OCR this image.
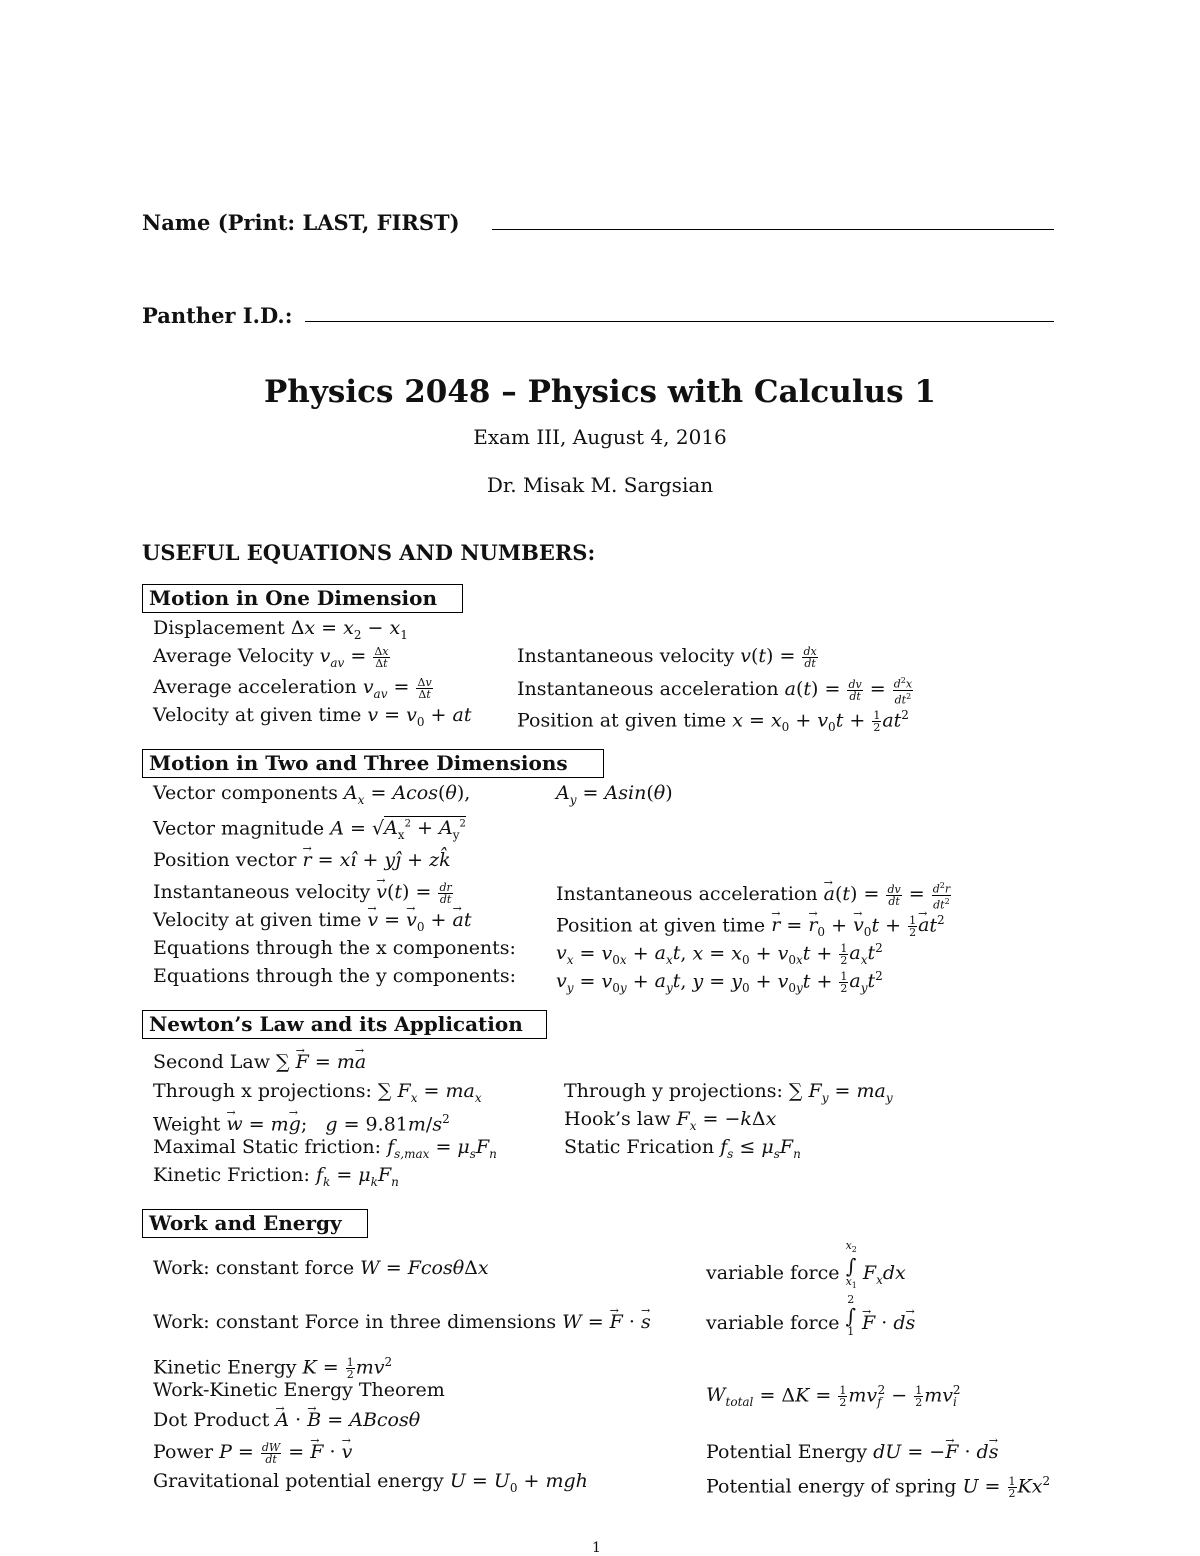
Name (Print: LAST, FIRST)
Panther I.D.:
Physics 2048 – Physics with Calculus 1
Exam III, August 4, 2016
Dr. Misak M. Sargsian
USEFUL EQUATIONS AND NUMBERS:
Motion in One Dimension
Displacement $\Delta x = x_2 - x_1$
Average Velocity $v_{av} = \frac{\Delta x}{\Delta t}$	Instantaneous velocity $v(t) = \frac{dx}{dt}$
Average acceleration $v_{av} = \frac{\Delta v}{\Delta t}$	Instantaneous acceleration $a(t) = \frac{dv}{dt} = \frac{d^2x}{dt^2}$
Velocity at given time $v = v_0$ + at Position at given time $x = x_0 + v_0t + \frac{1}{2} at^2$
Motion in Two and Three Dimensions
Vector components $A_x = Acos(\theta)$,	$A_y = Asin(\theta)$
Vector magnitude $A = √A_x^2 + A_y^2$
Position vector → r = xî + yĵ + zk̂
Instantaneous velocity → $v(t) = \frac{dr}{dt}$	Instantaneous acceleration → $a(t) = \frac{dv}{dt} = \frac{d^2r}{dt^2}$
Velocity at given time → v = → $v_0$ + → at	Position at given time → r = → $r_0$ + → $v_0t + \frac{1}{2}$
→ $at^2$
Equations through the x components: $v_x = v_{0x} + a_xt$, $x = x_0 + v_{0x}t + \frac{1}{2} a_xt^2$
Equations through the y components: $v_y = v_{0y} + a_yt$, $y = y_0 + v_{0y}t + \frac{1}{2} a_yt^2$
Newton’s Law and its Application
Second Law ∑ → F = m→ a
Through x projections: ∑ $F_x = ma_x$	Through y projections: ∑ $F_y = ma_y$
Weight → w = m→ g;   $g = 9.81m/s^2$	Hook’s law $F_x = -k\Delta x$
Maximal Static friction: $f_{s,max} = \mu_sF_n$	Static Frication $f_s \le \mu_sF_n$
Kinetic Friction: $f_k = \mu_kF_n$
Work and Energy
Work: constant force W = FcosθΔx	variable force $x_2$
∫
$x_1$ $F_xdx$
Work: constant Force in three dimensions W = → F · → s	variable force 2
∫
1 → F · d→ s
Kinetic Energy $K = \frac{1}{2} mv^2$
Work-Kinetic Energy Theorem	$W_{total} = \Delta K = \frac{1}{2} mv_f^2 - \frac{1}{2} mv_i^2$
Dot Product → A · → B = ABcosθ
Power $P = \frac{dW}{dt}$ = → F · → v	Potential Energy dU = −→ F · d→ s
Gravitational potential energy $U = U_0$ + mgh	Potential energy of spring $U = \frac{1}{2} Kx^2$
1
